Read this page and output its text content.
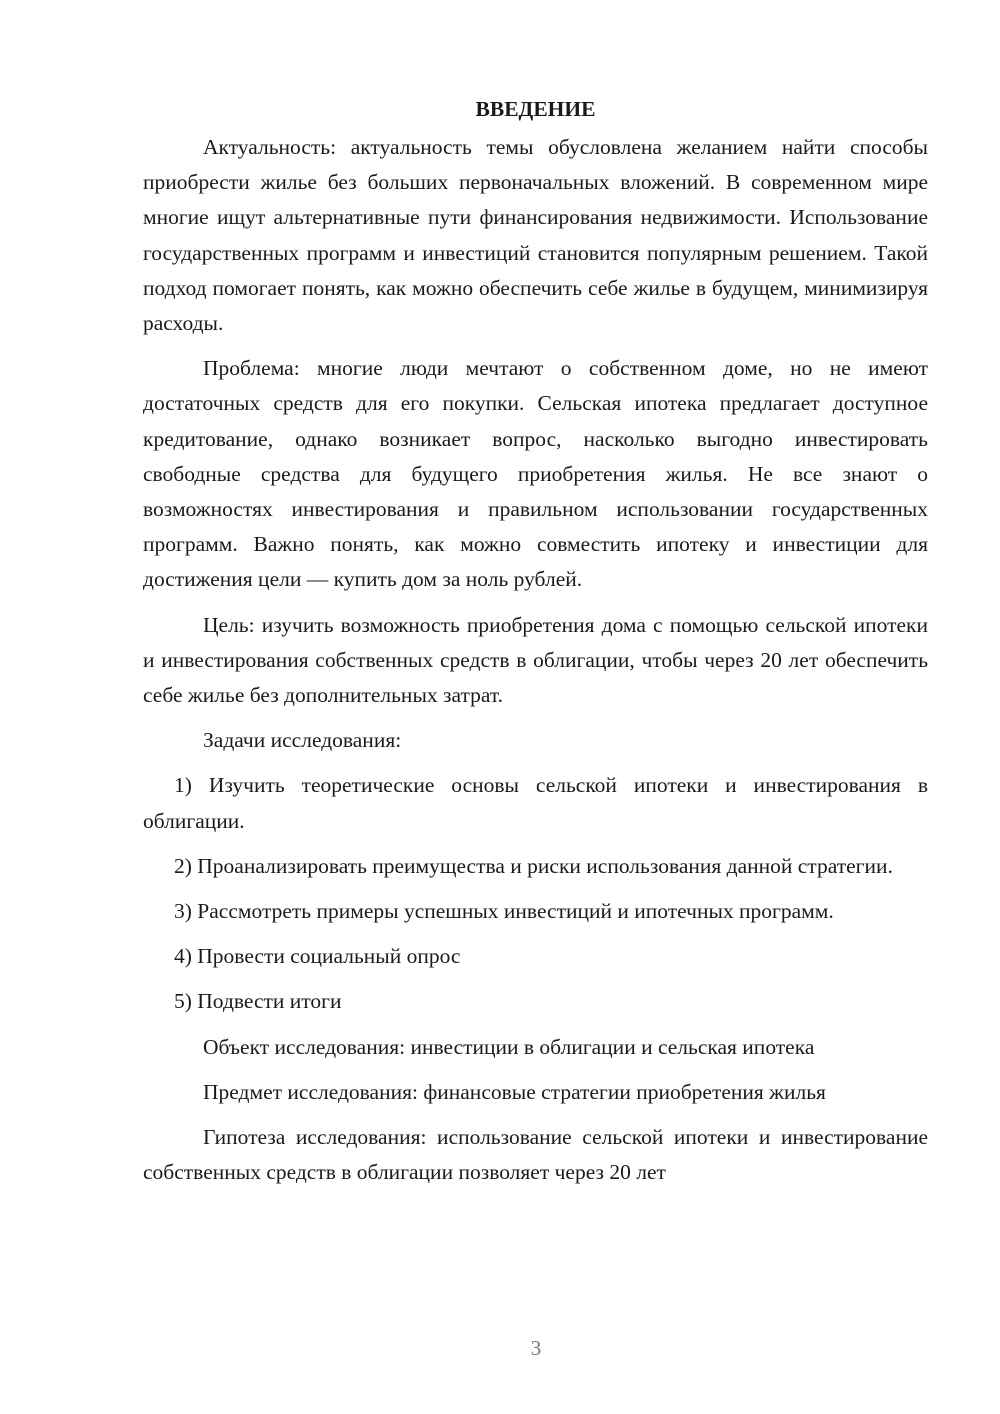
ВВЕДЕНИЕ

Актуальность: актуальность темы обусловлена желанием найти способы приобрести жилье без больших первоначальных вложений. В современном мире многие ищут альтернативные пути финансирования недвижимости. Использование государственных программ и инвестиций становится популярным решением. Такой подход помогает понять, как можно обеспечить себе жилье в будущем, минимизируя расходы.

Проблема: многие люди мечтают о собственном доме, но не имеют достаточных средств для его покупки. Сельская ипотека предлагает доступное кредитование, однако возникает вопрос, насколько выгодно инвестировать свободные средства для будущего приобретения жилья. Не все знают о возможностях инвестирования и правильном использовании государственных программ. Важно понять, как можно совместить ипотеку и инвестиции для достижения цели — купить дом за ноль рублей.

Цель: изучить возможность приобретения дома с помощью сельской ипотеки и инвестирования собственных средств в облигации, чтобы через 20 лет обеспечить себе жилье без дополнительных затрат.

Задачи исследования:

1) Изучить теоретические основы сельской ипотеки и инвестирования в облигации.

2) Проанализировать преимущества и риски использования данной стратегии.

3) Рассмотреть примеры успешных инвестиций и ипотечных программ.

4) Провести социальный опрос

5) Подвести итоги

Объект исследования: инвестиции в облигации и сельская ипотека

Предмет исследования: финансовые стратегии приобретения жилья

Гипотеза исследования: использование сельской ипотеки и инвестирование собственных средств в облигации позволяет через 20 лет

3
